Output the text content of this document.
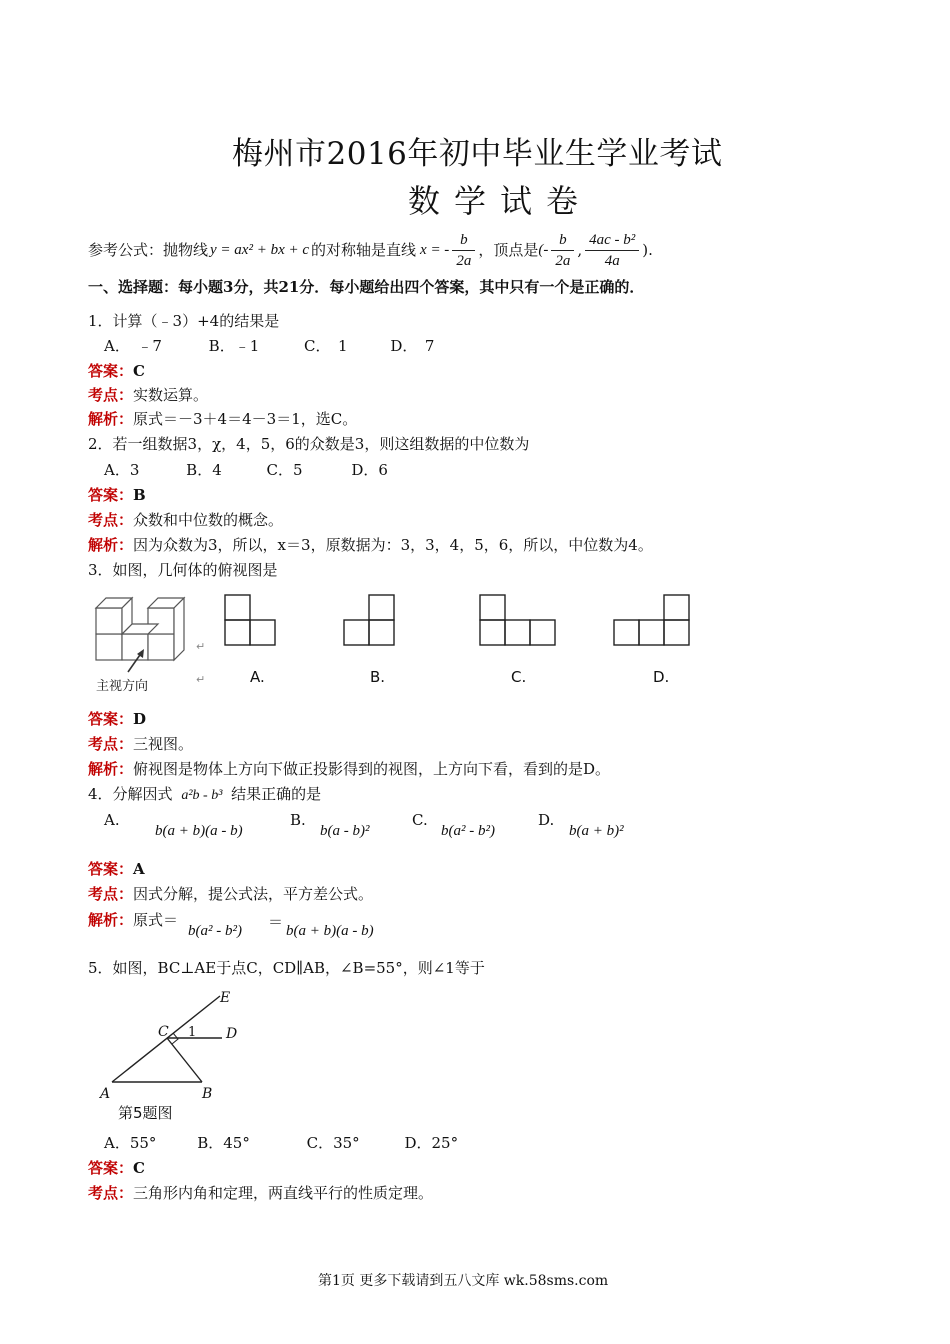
梅州市2016年初中毕业生学业考试
数学试卷
参考公式：抛物线 y = ax² + bx + c 的对称轴是直线 x = - $\frac{b}{2a}$ ，顶点是 (- $\frac{b}{2a}$ , $\frac{\text{4ac - b²}}{4a}$ ).
一、选择题：每小题3分，共21分．每小题给出四个答案，其中只有一个是正确的．
1．计算（﹣3）+4的结果是
A．　﹣7	B．﹣1	C．　1	D．　7
答案：C
考点：实数运算。
解析：原式＝－3＋4＝4－3＝1，选C。
2．若一组数据3，χ，4，5，6的众数是3，则这组数据的中位数为
A．3	B．4	C．5	D．6
答案：B
考点：众数和中位数的概念。
解析：因为众数为3，所以，x＝3，原数据为：3，3，4，5，6，所以，中位数为4。
3．如图，几何体的俯视图是
主视方向
↵
↵	A.	B.	C.	D.
答案：D
考点：三视图。
解析：俯视图是物体上方向下做正投影得到的视图，上方向下看，看到的是D。
4．分解因式 a²b - b³ 结果正确的是
A.
b(a + b)(a - b)
B.
b(a - b)²
C.
b(a² - b²)
D.
b(a + b)²
答案：A
考点：因式分解，提公式法，平方差公式。
解析：原式＝
b(a² - b²) ＝ b(a + b)(a - b)
5．如图，BC⊥AE于点C，CD∥AB，∠B=55°，则∠1等于
E
C 1 D
A	B
第5题图
A．55°	B．45°	C．35°	D．25°
答案：C
考点：三角形内角和定理，两直线平行的性质定理。
第1页 更多下载请到五八文库 wk.58sms.com
